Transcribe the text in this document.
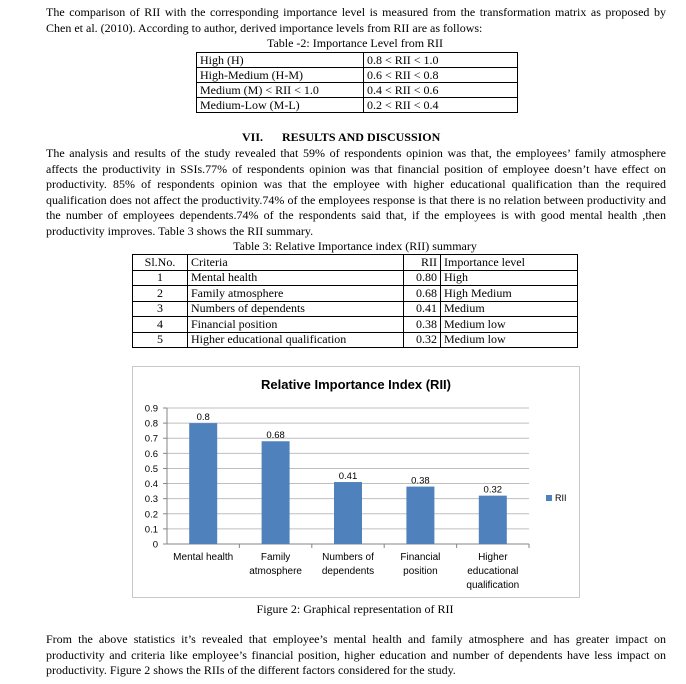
The comparison of RII with the corresponding importance level is measured from the transformation matrix as proposed by Chen et al. (2010). According to author, derived importance levels from RII are as follows:

Table -2: Importance Level from RII
High (H)	0.8 < RII < 1.0
High-Medium (H-M)	0.6 < RII < 0.8
Medium (M) < RII < 1.0	0.4 < RII < 0.6
Medium-Low (M-L)	0.2 < RII < 0.4
VII. RESULTS AND DISCUSSION

The analysis and results of the study revealed that 59% of respondents opinion was that, the employees’ family atmosphere affects the productivity in SSIs.77% of respondents opinion was that financial position of employee doesn’t have effect on productivity. 85% of respondents opinion was that the employee with higher educational qualification than the required qualification does not affect the productivity.74% of the employees response is that there is no relation between productivity and the number of employees dependents.74% of the respondents said that, if the employees is with good mental health ,then productivity improves. Table 3 shows the RII summary.

Table 3: Relative Importance index (RII) summary
Sl.No.	Criteria	RII	Importance level
1	Mental health	0.80	High
2	Family atmosphere	0.68	High Medium
3	Numbers of dependents	0.41	Medium
4	Financial position	0.38	Medium low
5	Higher educational qualification	0.32	Medium low
Relative Importance Index (RII)
0
0.1
0.2
0.3
0.4
0.5
0.6
0.7
0.8
0.9
0.8
Mental health
0.68
Family
atmosphere
0.41
Numbers of
dependents
0.38
Financial
position
0.32
Higher
educational
qualification
RII
Figure 2: Graphical representation of RII

From the above statistics it’s revealed that employee’s mental health and family atmosphere and has greater impact on productivity and criteria like employee’s financial position, higher education and number of dependents have less impact on productivity. Figure 2 shows the RIIs of the different factors considered for the study.
